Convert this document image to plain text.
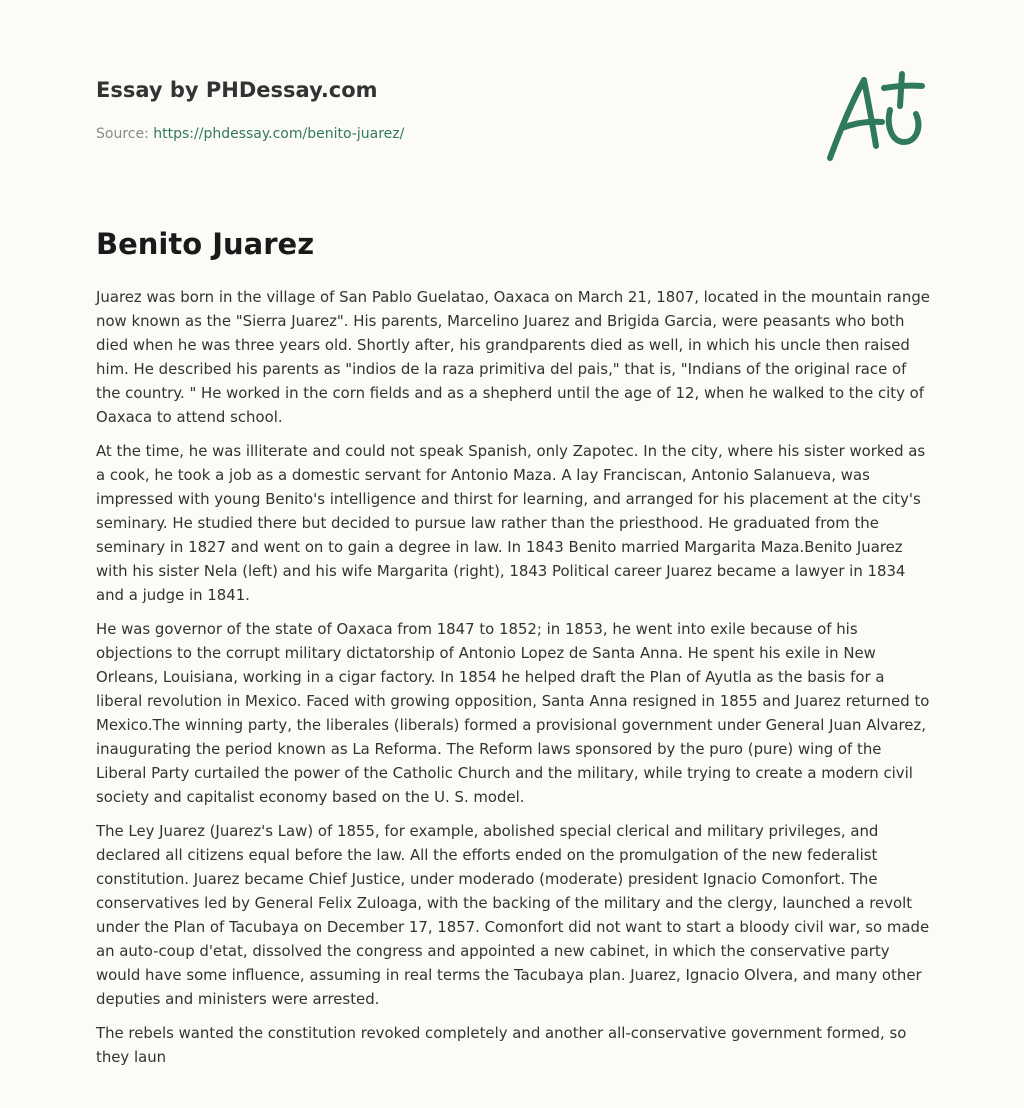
Essay by PHDessay.com
Source: https://phdessay.com/benito-juarez/
Benito Juarez

Juarez was born in the village of San Pablo Guelatao, Oaxaca on March 21, 1807, located in the mountain range now known as the "Sierra Juarez". His parents, Marcelino Juarez and Brigida Garcia, were peasants who both died when he was three years old. Shortly after, his grandparents died as well, in which his uncle then raised him. He described his parents as "indios de la raza primitiva del pais," that is, "Indians of the original race of the country. " He worked in the corn fields and as a shepherd until the age of 12, when he walked to the city of Oaxaca to attend school.

At the time, he was illiterate and could not speak Spanish, only Zapotec. In the city, where his sister worked as a cook, he took a job as a domestic servant for Antonio Maza. A lay Franciscan, Antonio Salanueva, was impressed with young Benito's intelligence and thirst for learning, and arranged for his placement at the city's seminary. He studied there but decided to pursue law rather than the priesthood. He graduated from the seminary in 1827 and went on to gain a degree in law. In 1843 Benito married Margarita Maza.Benito Juarez with his sister Nela (left) and his wife Margarita (right), 1843 Political career Juarez became a lawyer in 1834 and a judge in 1841.

He was governor of the state of Oaxaca from 1847 to 1852; in 1853, he went into exile because of his objections to the corrupt military dictatorship of Antonio Lopez de Santa Anna. He spent his exile in New Orleans, Louisiana, working in a cigar factory. In 1854 he helped draft the Plan of Ayutla as the basis for a liberal revolution in Mexico. Faced with growing opposition, Santa Anna resigned in 1855 and Juarez returned to Mexico.The winning party, the liberales (liberals) formed a provisional government under General Juan Alvarez, inaugurating the period known as La Reforma. The Reform laws sponsored by the puro (pure) wing of the Liberal Party curtailed the power of the Catholic Church and the military, while trying to create a modern civil society and capitalist economy based on the U. S. model.

The Ley Juarez (Juarez's Law) of 1855, for example, abolished special clerical and military privileges, and declared all citizens equal before the law. All the efforts ended on the promulgation of the new federalist constitution. Juarez became Chief Justice, under moderado (moderate) president Ignacio Comonfort. The conservatives led by General Felix Zuloaga, with the backing of the military and the clergy, launched a revolt under the Plan of Tacubaya on December 17, 1857. Comonfort did not want to start a bloody civil war, so made an auto-coup d'etat, dissolved the congress and appointed a new cabinet, in which the conservative party would have some influence, assuming in real terms the Tacubaya plan. Juarez, Ignacio Olvera, and many other deputies and ministers were arrested.

The rebels wanted the constitution revoked completely and another all-conservative government formed, so they laun
